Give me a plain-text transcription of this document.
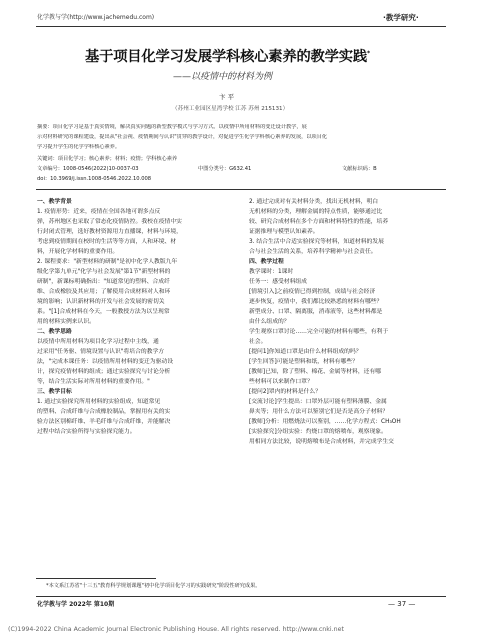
化学教与学(http://www.jachemedu.com)	·教学研究·
基于项目化学习发展学科核心素养的教学实践*
——以疫情中的材料为例
卞 平
（苏州工业园区星湾学校 江苏 苏州 215131）
摘要：项目化学习是基于真实情境，解决真实问题的新型教学模式与学习方式。以疫情中所用材料的变迁设计教学，展
示对材料研究的课程建设，提出从"社会视、疫情期间与认识"贯穿的教学设计，对促进学生化学学科核心素养的发展，以项目化
学习提升学生的化学学科核心素养。
关键词：项目化学习；核心素养；材料；疫情；学科核心素养
文章编号：1008-0546(2022)10-0037-03	中图分类号：G632.41	文献标识码：B
doi：10.3969/j.issn.1008-0546.2022.10.008
一、教学背景
1. 疫情形势：近来，疫情在全国各地可谓多点反
弹，苏州地区也采取了常态化疫情防控。我校在疫情中实
行封闭式管理，选好教材资源用力直播课，材料与环境，
考虑到疫情期间在校时的生活等等方面，人和环境、材
料，开展化学材料的重要作用。
2. 课程要求："新型材料的研制"是初中化学人教版九年
级化学第九单元"化学与社会发展"第1节"新型材料的
研制"，新课标明确指出："知道常见的塑料、合成纤
维、合成橡胶及其应用；了解使用合成材料对人和环
境的影响；认识新材料的开发与社会发展的密切关
系。"[1]合成材料在今天，一般教授方法为以呈现常
用的材料实例来认识。
二、教学思路
以疫情中所用材料为项目化学习过程中主线，通
过采用"任务驱、情境设置与认识"将培合的教学方
法，"完成本课任务：以疫情所用材料的变迁为驱动设
计，探究疫情材料的组成；通过实验探究与讨论分析
等，结合生活实际对所用材料的重要作用。"
三、教学目标
1. 通过实验探究所用材料的实验组成，知道常见
的塑料、合成纤维与合成橡胶制品，掌握用有关的实
验方法区别棉纤维、羊毛纤维与合成纤维，并能解决
过程中结合实验所得与实验探究能力。
2. 通过完成对有关材料分类，找出无机材料，明白
无机材料的分类，理解金属的特点性质，能够通过比
较、研究合成材料在多个方面和材料特性的性能，培养
证据推理与模型认知素养。
3. 结合生活中合适实验探究等材料，知道材料的发展
合与社会生活的关系，培养科学精神与社会责任。
四、教学过程
教学课时：1课时
任务一：感受材料组成
[情境引入]之前疫情已得到控制，成绩与社会经济
逐步恢复，疫情中，我们都比较熟悉的材料有哪些？
新型成分、口罩、隔离服，消毒液等，这些材料都是
由什么组成的？
学生观察口罩讨论……完全可能的材料有哪些，有利于
社会。
[提问1]你知道口罩是由什么材料组成的吗？
[学生回答]可能是塑料和纸，材料有哪些？
[教师]已知，除了塑料、棉花、金属等材料，还有哪
些材料可以来制作口罩？
[提问2]罩内的材料是什么？
[交流讨论]学生提出：口罩外层可能有塑料薄膜、金属
鼻夹等；用什么方法可以鉴别它们是否是高分子材料？
[教师]分析：用燃烧法可以鉴别，……化学方程式：CH₃OH
[实验探究]分组实验：灼烧口罩的熔喷布，观察现象。
用相同方法比较，说明熔喷布是合成材料，并完成学生交
*本文系江苏省"十三五"教育科学规划课题"初中化学项目化学习的实践研究"阶段性研究成果。
化学教与学 2022年 第10期	— 37 —
(C)1994-2022 China Academic Journal Electronic Publishing House. All rights reserved. http://www.cnki.net
